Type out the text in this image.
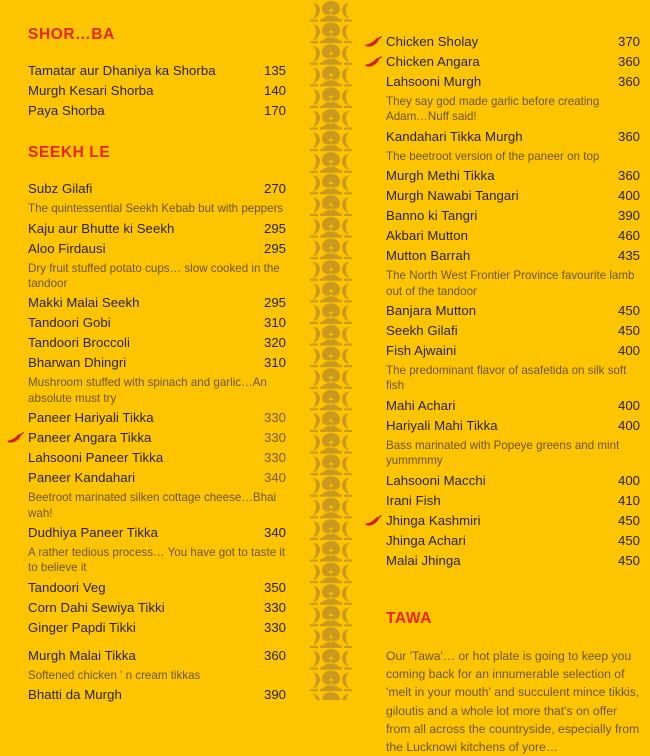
SHOR…BA
Tamatar aur Dhaniya ka Shorba	135
Murgh Kesari Shorba	140
Paya Shorba	170
SEEKH LE
Subz Gilafi	270
The quintessential Seekh Kebab but with peppers
Kaju aur Bhutte ki Seekh	295
Aloo Firdausi	295
Dry fruit stuffed potato cups… slow cooked in the tandoor
Makki Malai Seekh	295
Tandoori Gobi	310
Tandoori Broccoli	320
Bharwan Dhingri	310
Mushroom stuffed with spinach and garlic…An absolute must try
Paneer Hariyali Tikka	330
Paneer Angara Tikka	330
Lahsooni Paneer Tikka	330
Paneer Kandahari	340
Beetroot marinated silken cottage cheese…Bhai wah!
Dudhiya Paneer Tikka	340
A rather tedious process… You have got to taste it to believe it
Tandoori Veg	350
Corn Dahi Sewiya Tikki	330
Ginger Papdi Tikki	330
Murgh Malai Tikka	360
Softened chicken ' n cream tikkas
Bhatti da Murgh	390
Chicken Sholay	370
Chicken Angara	360
Lahsooni Murgh	360
They say god made garlic before creating Adam…Nuff said!
Kandahari Tikka Murgh	360
The beetroot version of the paneer on top
Murgh Methi Tikka	360
Murgh Nawabi Tangari	400
Banno ki Tangri	390
Akbari Mutton	460
Mutton Barrah	435
The North West Frontier Province favourite lamb out of the tandoor
Banjara Mutton	450
Seekh Gilafi	450
Fish Ajwaini	400
The predominant flavor of asafetida on silk soft fish
Mahi Achari	400
Hariyali Mahi Tikka	400
Bass marinated with Popeye greens and mint yummmmy
Lahsooni Macchi	400
Irani Fish	410
Jhinga Kashmiri	450
Jhinga Achari	450
Malai Jhinga	450
TAWA

Our 'Tawa'… or hot plate is going to keep you coming back for an innumerable selection of 'melt in your mouth' and succulent mince tikkis, giloutis and a whole lot more that's on offer from all across the countryside, especially from the Lucknowi kitchens of yore…
